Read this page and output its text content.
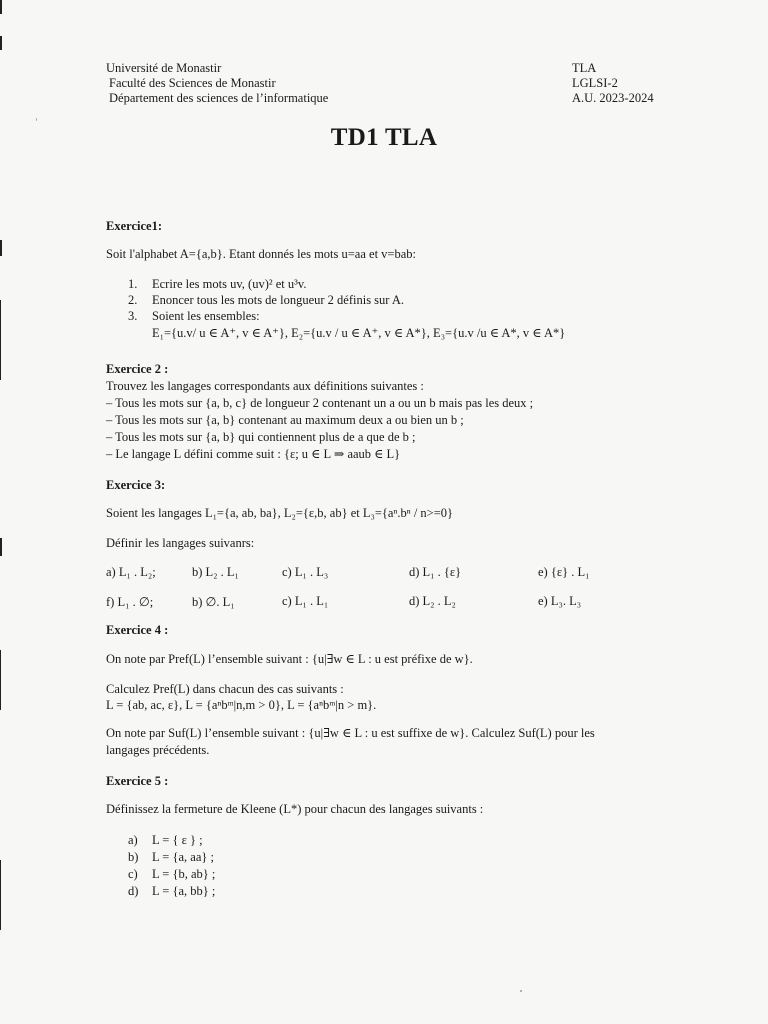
Université de Monastir
Faculté des Sciences de Monastir
Département des sciences de l’informatique
TLA
LGLSI-2
A.U. 2023-2024
TD1 TLA
Exercice1:
Soit l'alphabet A={a,b}. Etant donnés les mots u=aa et v=bab:
1. Ecrire les mots uv, (uv)² et u³v.
2. Enoncer tous les mots de longueur 2 définis sur A.
3. Soient les ensembles:
E₁={u.v/ u ∈ A⁺, v ∈ A⁺}, E₂={u.v / u ∈ A⁺, v ∈ A*}, E₃={u.v /u ∈ A*, v ∈ A*}
Exercice 2 :
Trouvez les langages correspondants aux définitions suivantes :
– Tous les mots sur {a, b, c} de longueur 2 contenant un a ou un b mais pas les deux ;
– Tous les mots sur {a, b} contenant au maximum deux a ou bien un b ;
– Tous les mots sur {a, b} qui contiennent plus de a que de b ;
– Le langage L défini comme suit : {ε; u ∈ L ⇒ aaub ∈ L}
Exercice 3:
Soient les langages L₁={a, ab, ba}, L₂={ε,b, ab} et L₃={aⁿ.bⁿ / n>=0}
Définir les langages suivanrs:
a) L₁ . L₂;	b) L₂ . L₁	c) L₁ . L₃	d) L₁ . {ε}	e) {ε} . L₁
f) L₁ . ∅;	b) ∅. L₁	c) L₁ . L₁	d) L₂ . L₂	e) L₃. L₃
Exercice 4 :
On note par Pref(L) l’ensemble suivant : {u|∃w ∈ L : u est préfixe de w}.
Calculez Pref(L) dans chacun des cas suivants :
L = {ab, ac, ε}, L = {aⁿbᵐ|n,m > 0}, L = {aⁿbᵐ|n > m}.
On note par Suf(L) l’ensemble suivant : {u|∃w ∈ L : u est suffixe de w}. Calculez Suf(L) pour les langages précédents.
Exercice 5 :
Définissez la fermeture de Kleene (L*) pour chacun des langages suivants :
a) L = { ε } ;
b) L = {a, aa} ;
c) L = {b, ab} ;
d) L = {a, bb} ;
